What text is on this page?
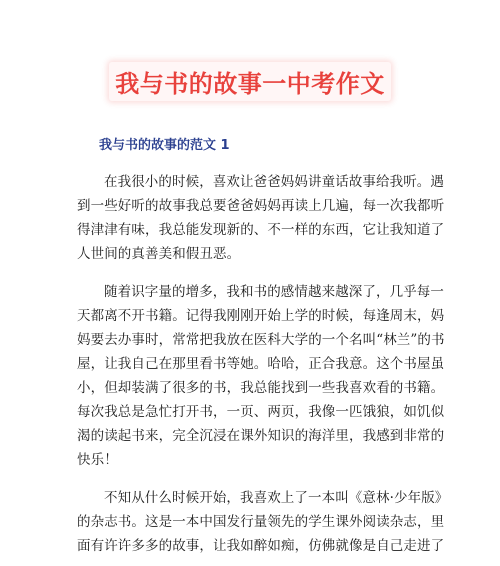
我与书的故事一中考作文
我与书的故事的范文 1

在我很小的时候，喜欢让爸爸妈妈讲童话故事给我听。遇
到一些好听的故事我总要爸爸妈妈再读上几遍，每一次我都听
得津津有味，我总能发现新的、不一样的东西，它让我知道了
人世间的真善美和假丑恶。

随着识字量的增多，我和书的感情越来越深了，几乎每一
天都离不开书籍。记得我刚刚开始上学的时候，每逢周末，妈
妈要去办事时，常常把我放在医科大学的一个名叫“林兰”的书
屋，让我自己在那里看书等她。哈哈，正合我意。这个书屋虽
小，但却装满了很多的书，我总能找到一些我喜欢看的书籍。
每次我总是急忙打开书，一页、两页，我像一匹饿狼，如饥似
渴的读起书来，完全沉浸在课外知识的海洋里，我感到非常的
快乐！

不知从什么时候开始，我喜欢上了一本叫《意林·少年版》
的杂志书。这是一本中国发行量领先的学生课外阅读杂志，里
面有许许多多的故事，让我如醉如痴，仿佛就像是自己走进了
